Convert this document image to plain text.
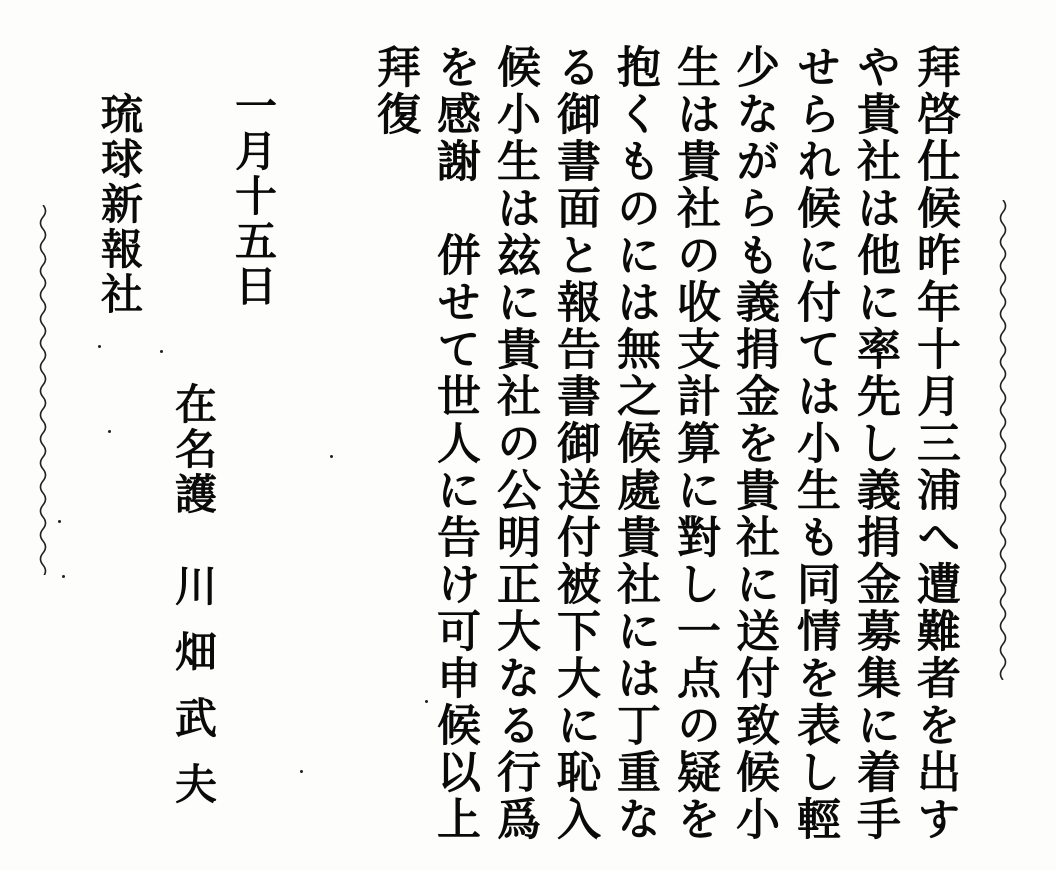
拜啓仕候昨年十月三浦へ遭難者を出す
や貴社は他に率先し義捐金募集に着手
せられ候に付ては小生も同情を表し輕
少ながらも義捐金を貴社に送付致候小
生は貴社の收支計算に對し一点の疑を
抱くものには無之候處貴社には丁重な
る御書面と報告書御送付被下大に恥入
候小生は玆に貴社の公明正大なる行爲
を感謝　併せて世人に告け可申候以上
拜復
一月十五日
在名護
川畑武夫
琉球新報社
